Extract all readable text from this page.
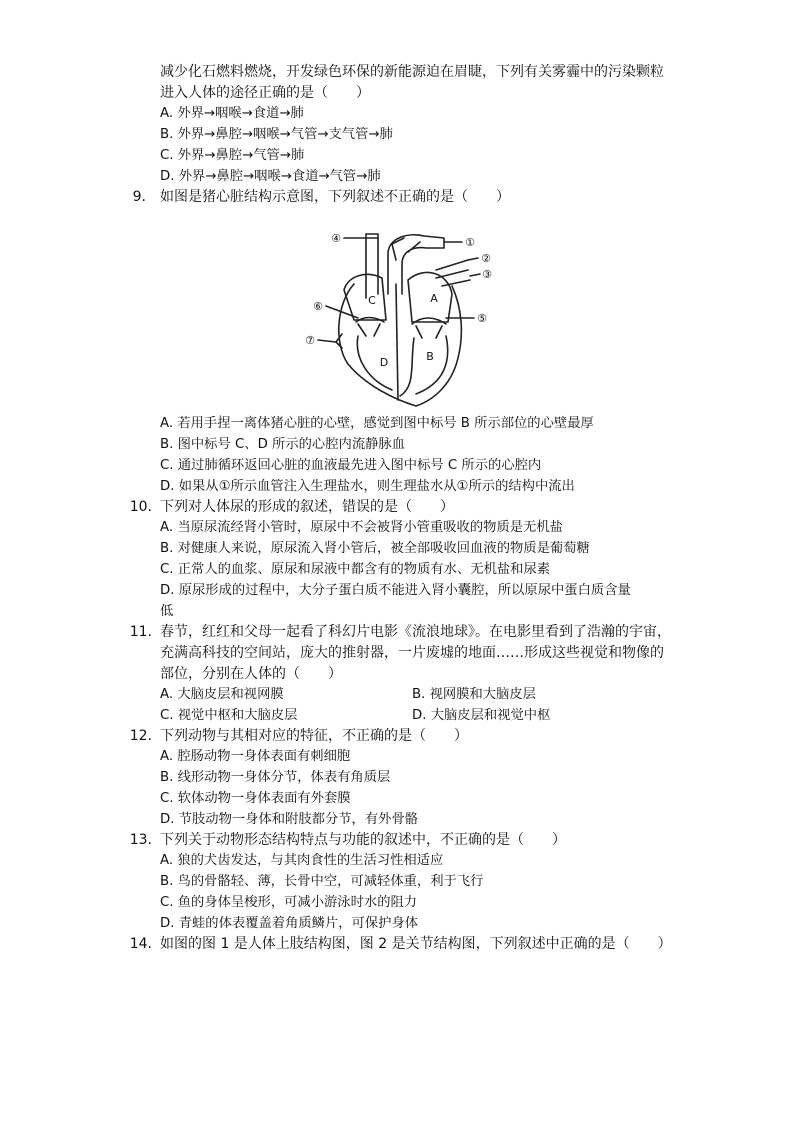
减少化石燃料燃烧，开发绿色环保的新能源迫在眉睫，下列有关雾霾中的污染颗粒
进入人体的途径正确的是（　　）
A. 外界→咽喉→食道→肺
B. 外界→鼻腔→咽喉→气管→支气管→肺
C. 外界→鼻腔→气管→肺
D. 外界→鼻腔→咽喉→食道→气管→肺
9. 如图是猪心脏结构示意图，下列叙述不正确的是（　　）
④	①
②
③
⑤
⑥
⑦
C	A
D	B
A. 若用手捏一离体猪心脏的心壁，感觉到图中标号 B 所示部位的心壁最厚
B. 图中标号 C、D 所示的心腔内流静脉血
C. 通过肺循环返回心脏的血液最先进入图中标号 C 所示的心腔内
D. 如果从①所示血管注入生理盐水，则生理盐水从①所示的结构中流出
10. 下列对人体尿的形成的叙述，错误的是（　　）
A. 当原尿流经肾小管时，原尿中不会被肾小管重吸收的物质是无机盐
B. 对健康人来说，原尿流入肾小管后，被全部吸收回血液的物质是葡萄糖
C. 正常人的血浆、原尿和尿液中都含有的物质有水、无机盐和尿素
D. 原尿形成的过程中，大分子蛋白质不能进入肾小囊腔，所以原尿中蛋白质含量
低
11. 春节，红红和父母一起看了科幻片电影《流浪地球》。在电影里看到了浩瀚的宇宙，
充满高科技的空间站，庞大的推射器，一片废墟的地面……形成这些视觉和物像的
部位，分别在人体的（　　）
A. 大脑皮层和视网膜	B. 视网膜和大脑皮层
C. 视觉中枢和大脑皮层	D. 大脑皮层和视觉中枢
12. 下列动物与其相对应的特征，不正确的是（　　）
A. 腔肠动物一身体表面有刺细胞
B. 线形动物一身体分节，体表有角质层
C. 软体动物一身体表面有外套膜
D. 节肢动物一身体和附肢都分节，有外骨骼
13. 下列关于动物形态结构特点与功能的叙述中，不正确的是（　　）
A. 狼的犬齿发达，与其肉食性的生活习性相适应
B. 鸟的骨骼轻、薄，长骨中空，可减轻体重，利于飞行
C. 鱼的身体呈梭形，可减小游泳时水的阻力
D. 青蛙的体表覆盖着角质鳞片，可保护身体
14. 如图的图 1 是人体上肢结构图，图 2 是关节结构图，下列叙述中正确的是（　　）
